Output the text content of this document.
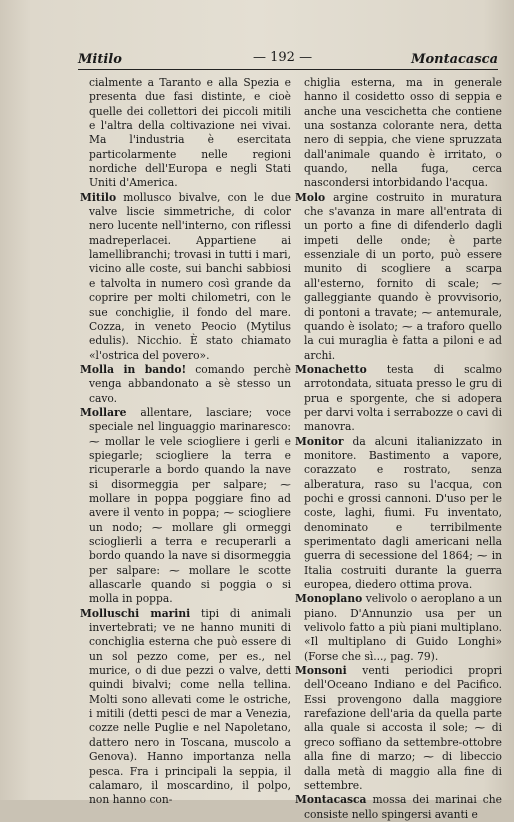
Mitilo	— 192 —	Montacasca

cialmente a Taranto e alla Spezia e presenta due fasi distinte, e cioè quelle dei collettori dei piccoli mitili e l'altra della coltivazione nei vivai. Ma l'industria è esercitata particolarmente nelle regioni nordiche dell'Europa e negli Stati Uniti d'America.

Mitilo mollusco bivalve, con le due valve liscie simmetriche, di color nero lucente nell'interno, con riflessi madreperlacei. Appartiene ai lamellibranchi; trovasi in tutti i mari, vicino alle coste, sui banchi sabbiosi e talvolta in numero così grande da coprire per molti chilometri, con le sue conchiglie, il fondo del mare. Cozza, in veneto Peocio (Mytilus edulis). Nicchio. È stato chiamato «l'ostrica del povero».

Molla in bando! comando perchè venga abbandonato a sè stesso un cavo.

Mollare allentare, lasciare; voce speciale nel linguaggio marinaresco: ⁓ mollar le vele sciogliere i gerli e spiegarle; sciogliere la terra e ricuperarle a bordo quando la nave si disormeggia per salpare; ⁓ mollare in poppa poggiare fino ad avere il vento in poppa; ⁓ sciogliere un nodo; ⁓ mollare gli ormeggi scioglierli a terra e recuperarli a bordo quando la nave si disormeggia per salpare: ⁓ mollare le scotte allascarle quando si poggia o si molla in poppa.

Molluschi marini tipi di animali invertebrati; ve ne hanno muniti di conchiglia esterna che può essere di un sol pezzo come, per es., nel murice, o di due pezzi o valve, detti quindi bivalvi; come nella tellina. Molti sono allevati come le ostriche, i mitili (detti pesci de mar a Venezia, cozze nelle Puglie e nel Napoletano, dattero nero in Toscana, muscolo a Genova). Hanno importanza nella pesca. Fra i principali la seppia, il calamaro, il moscardino, il polpo, non hanno con-

chiglia esterna, ma in generale hanno il cosidetto osso di seppia e anche una vescichetta che contiene una sostanza colorante nera, detta nero di seppia, che viene spruzzata dall'animale quando è irritato, o quando, nella fuga, cerca nascondersi intorbidando l'acqua.

Molo argine costruito in muratura che s'avanza in mare all'entrata di un porto a fine di difenderlo dagli impeti delle onde; è parte essenziale di un porto, può essere munito di scogliere a scarpa all'esterno, fornito di scale; ⁓ galleggiante quando è provvisorio, di pontoni a travate; ⁓ antemurale, quando è isolato; ⁓ a traforo quello la cui muraglia è fatta a piloni e ad archi.

Monachetto testa di scalmo arrotondata, situata presso le gru di prua e sporgente, che si adopera per darvi volta i serrabozze o cavi di manovra.

Monitor da alcuni italianizzato in monitore. Bastimento a vapore, corazzato e rostrato, senza alberatura, raso su l'acqua, con pochi e grossi cannoni. D'uso per le coste, laghi, fiumi. Fu inventato, denominato e terribilmente sperimentato dagli americani nella guerra di secessione del 1864; ⁓ in Italia costruiti durante la guerra europea, diedero ottima prova.

Monoplano velivolo o aeroplano a un piano. D'Annunzio usa per un velivolo fatto a più piani multiplano. «Il multiplano di Guido Longhi» (Forse che sì..., pag. 79).

Monsoni venti periodici propri dell'Oceano Indiano e del Pacifico. Essi provengono dalla maggiore rarefazione dell'aria da quella parte alla quale si accosta il sole; ⁓ di greco soffiano da settembre-ottobre alla fine di marzo; ⁓ di libeccio dalla metà di maggio alla fine di settembre.

Montacasca mossa dei marinai che consiste nello spingersi avanti e
